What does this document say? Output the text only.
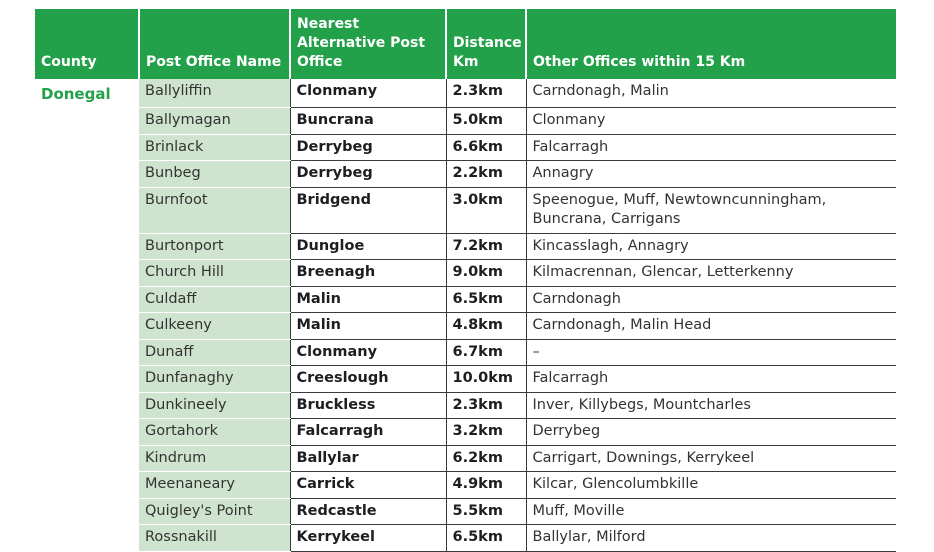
County	Post Office Name	Nearest Alternative Post Office	Distance Km	Other Offices within 15 Km
Donegal	Ballyliffin	Clonmany	2.3km	Carndonagh, Malin
	Ballymagan	Buncrana	5.0km	Clonmany
	Brinlack	Derrybeg	6.6km	Falcarragh
	Bunbeg	Derrybeg	2.2km	Annagry
	Burnfoot	Bridgend	3.0km	Speenogue, Muff, Newtowncunningham, Buncrana, Carrigans
	Burtonport	Dungloe	7.2km	Kincasslagh, Annagry
	Church Hill	Breenagh	9.0km	Kilmacrennan, Glencar, Letterkenny
	Culdaff	Malin	6.5km	Carndonagh
	Culkeeny	Malin	4.8km	Carndonagh, Malin Head
	Dunaff	Clonmany	6.7km	–
	Dunfanaghy	Creeslough	10.0km	Falcarragh
	Dunkineely	Bruckless	2.3km	Inver, Killybegs, Mountcharles
	Gortahork	Falcarragh	3.2km	Derrybeg
	Kindrum	Ballylar	6.2km	Carrigart, Downings, Kerrykeel
	Meenaneary	Carrick	4.9km	Kilcar, Glencolumbkille
	Quigley's Point	Redcastle	5.5km	Muff, Moville
	Rossnakill	Kerrykeel	6.5km	Ballylar, Milford
